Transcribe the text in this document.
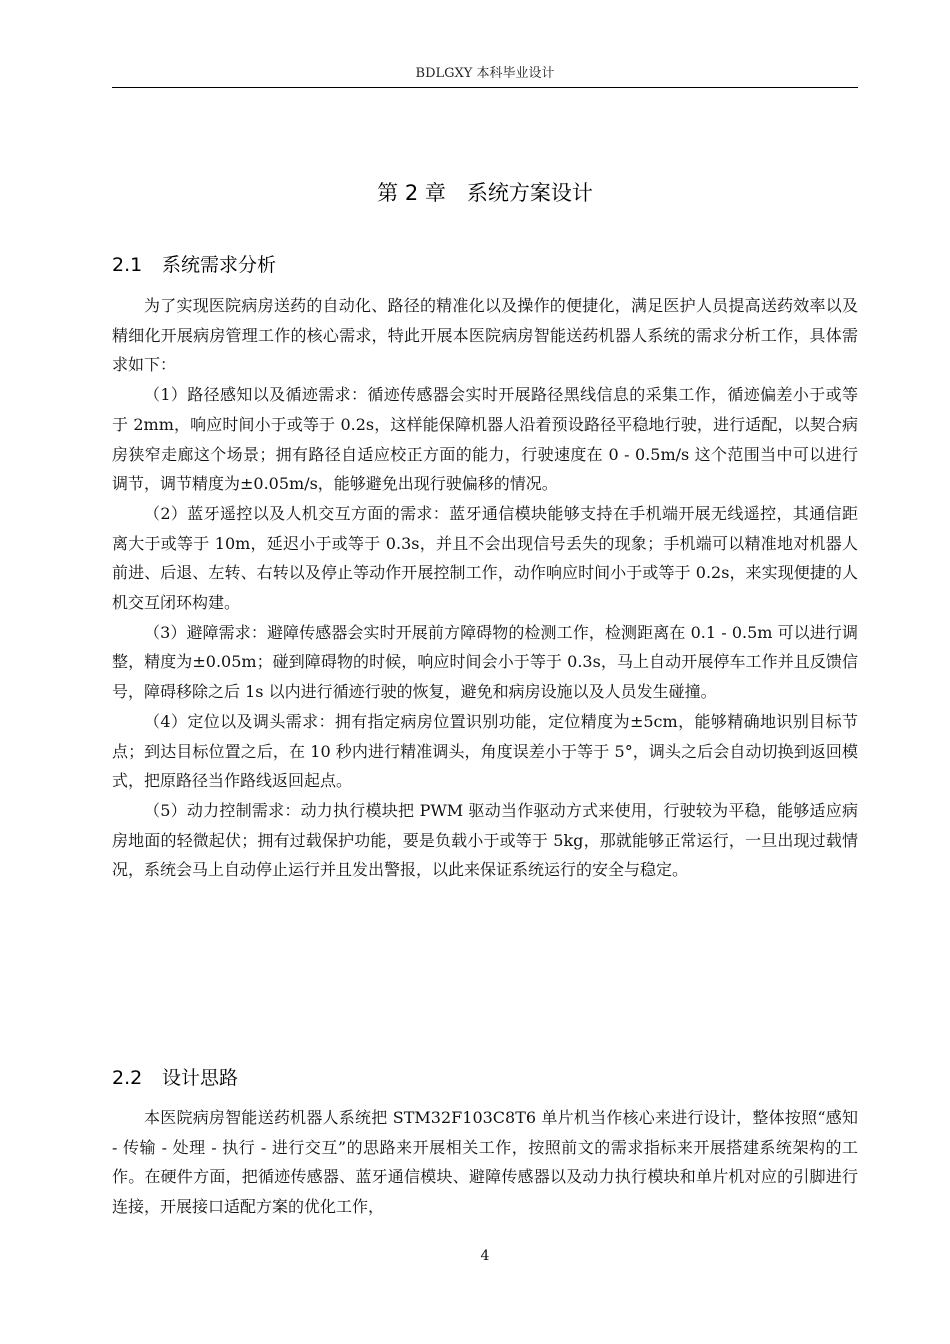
BDLGXY 本科毕业设计
第 2 章　系统方案设计
2.1 系统需求分析

为了实现医院病房送药的自动化、路径的精准化以及操作的便捷化，满足医护人员提高送药效率以及精细化开展病房管理工作的核心需求，特此开展本医院病房智能送药机器人系统的需求分析工作，具体需求如下：

（1）路径感知以及循迹需求：循迹传感器会实时开展路径黑线信息的采集工作，循迹偏差小于或等于 2mm，响应时间小于或等于 0.2s，这样能保障机器人沿着预设路径平稳地行驶，进行适配，以契合病房狭窄走廊这个场景；拥有路径自适应校正方面的能力，行驶速度在 0 - 0.5m/s 这个范围当中可以进行调节，调节精度为±0.05m/s，能够避免出现行驶偏移的情况。

（2）蓝牙遥控以及人机交互方面的需求：蓝牙通信模块能够支持在手机端开展无线遥控，其通信距离大于或等于 10m，延迟小于或等于 0.3s，并且不会出现信号丢失的现象；手机端可以精准地对机器人前进、后退、左转、右转以及停止等动作开展控制工作，动作响应时间小于或等于 0.2s，来实现便捷的人机交互闭环构建。

（3）避障需求：避障传感器会实时开展前方障碍物的检测工作，检测距离在 0.1 - 0.5m 可以进行调整，精度为±0.05m；碰到障碍物的时候，响应时间会小于等于 0.3s，马上自动开展停车工作并且反馈信号，障碍移除之后 1s 以内进行循迹行驶的恢复，避免和病房设施以及人员发生碰撞。

（4）定位以及调头需求：拥有指定病房位置识别功能，定位精度为±5cm，能够精确地识别目标节点；到达目标位置之后，在 10 秒内进行精准调头，角度误差小于等于 5°，调头之后会自动切换到返回模式，把原路径当作路线返回起点。

（5）动力控制需求：动力执行模块把 PWM 驱动当作驱动方式来使用，行驶较为平稳，能够适应病房地面的轻微起伏；拥有过载保护功能，要是负载小于或等于 5kg，那就能够正常运行，一旦出现过载情况，系统会马上自动停止运行并且发出警报，以此来保证系统运行的安全与稳定。

2.2 设计思路

本医院病房智能送药机器人系统把 STM32F103C8T6 单片机当作核心来进行设计，整体按照“感知 - 传输 - 处理 - 执行 - 进行交互”的思路来开展相关工作，按照前文的需求指标来开展搭建系统架构的工作。在硬件方面，把循迹传感器、蓝牙通信模块、避障传感器以及动力执行模块和单片机对应的引脚进行连接，开展接口适配方案的优化工作，

4
